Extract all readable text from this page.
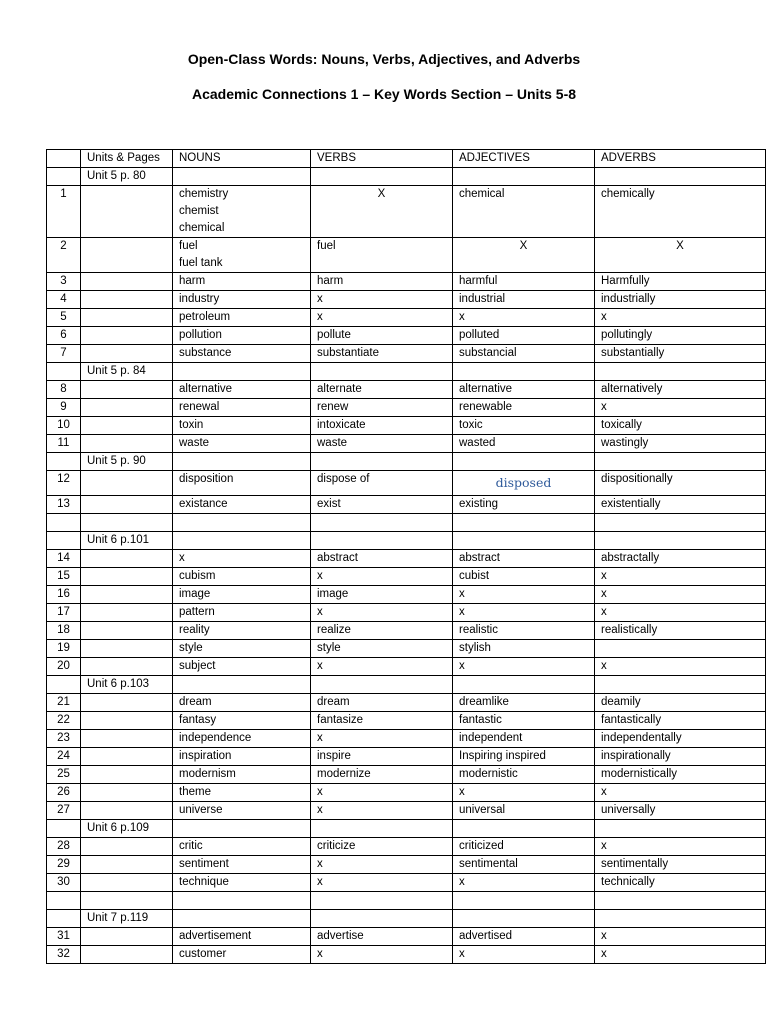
Open-Class Words: Nouns, Verbs, Adjectives, and Adverbs
Academic Connections 1 – Key Words Section – Units 5-8
	Units & Pages	NOUNS	VERBS	ADJECTIVES	ADVERBS
	Unit 5 p. 80				
1		chemistry
chemist
chemical	X	chemical	chemically
2		fuel
fuel tank	fuel	X	X
3		harm	harm	harmful	Harmfully
4		industry	x	industrial	industrially
5		petroleum	x	x	x
6		pollution	pollute	polluted	pollutingly
7		substance	substantiate	substancial	substantially
	Unit 5 p. 84				
8		alternative	alternate	alternative	alternatively
9		renewal	renew	renewable	x
10		toxin	intoxicate	toxic	toxically
11		waste	waste	wasted	wastingly
	Unit 5 p. 90				
12		disposition	dispose of	disposed	dispositionally
13		existance	exist	existing	existentially

	Unit 6 p.101				
14		x	abstract	abstract	abstractally
15		cubism	x	cubist	x
16		image	image	x	x
17		pattern	x	x	x
18		reality	realize	realistic	realistically
19		style	style	stylish	
20		subject	x	x	x
	Unit 6 p.103				
21		dream	dream	dreamlike	deamily
22		fantasy	fantasize	fantastic	fantastically
23		independence	x	independent	independentally
24		inspiration	inspire	Inspiring inspired	inspirationally
25		modernism	modernize	modernistic	modernistically
26		theme	x	x	x
27		universe	x	universal	universally
	Unit 6 p.109				
28		critic	criticize	criticized	x
29		sentiment	x	sentimental	sentimentally
30		technique	x	x	technically

	Unit 7 p.119				
31		advertisement	advertise	advertised	x
32		customer	x	x	x
